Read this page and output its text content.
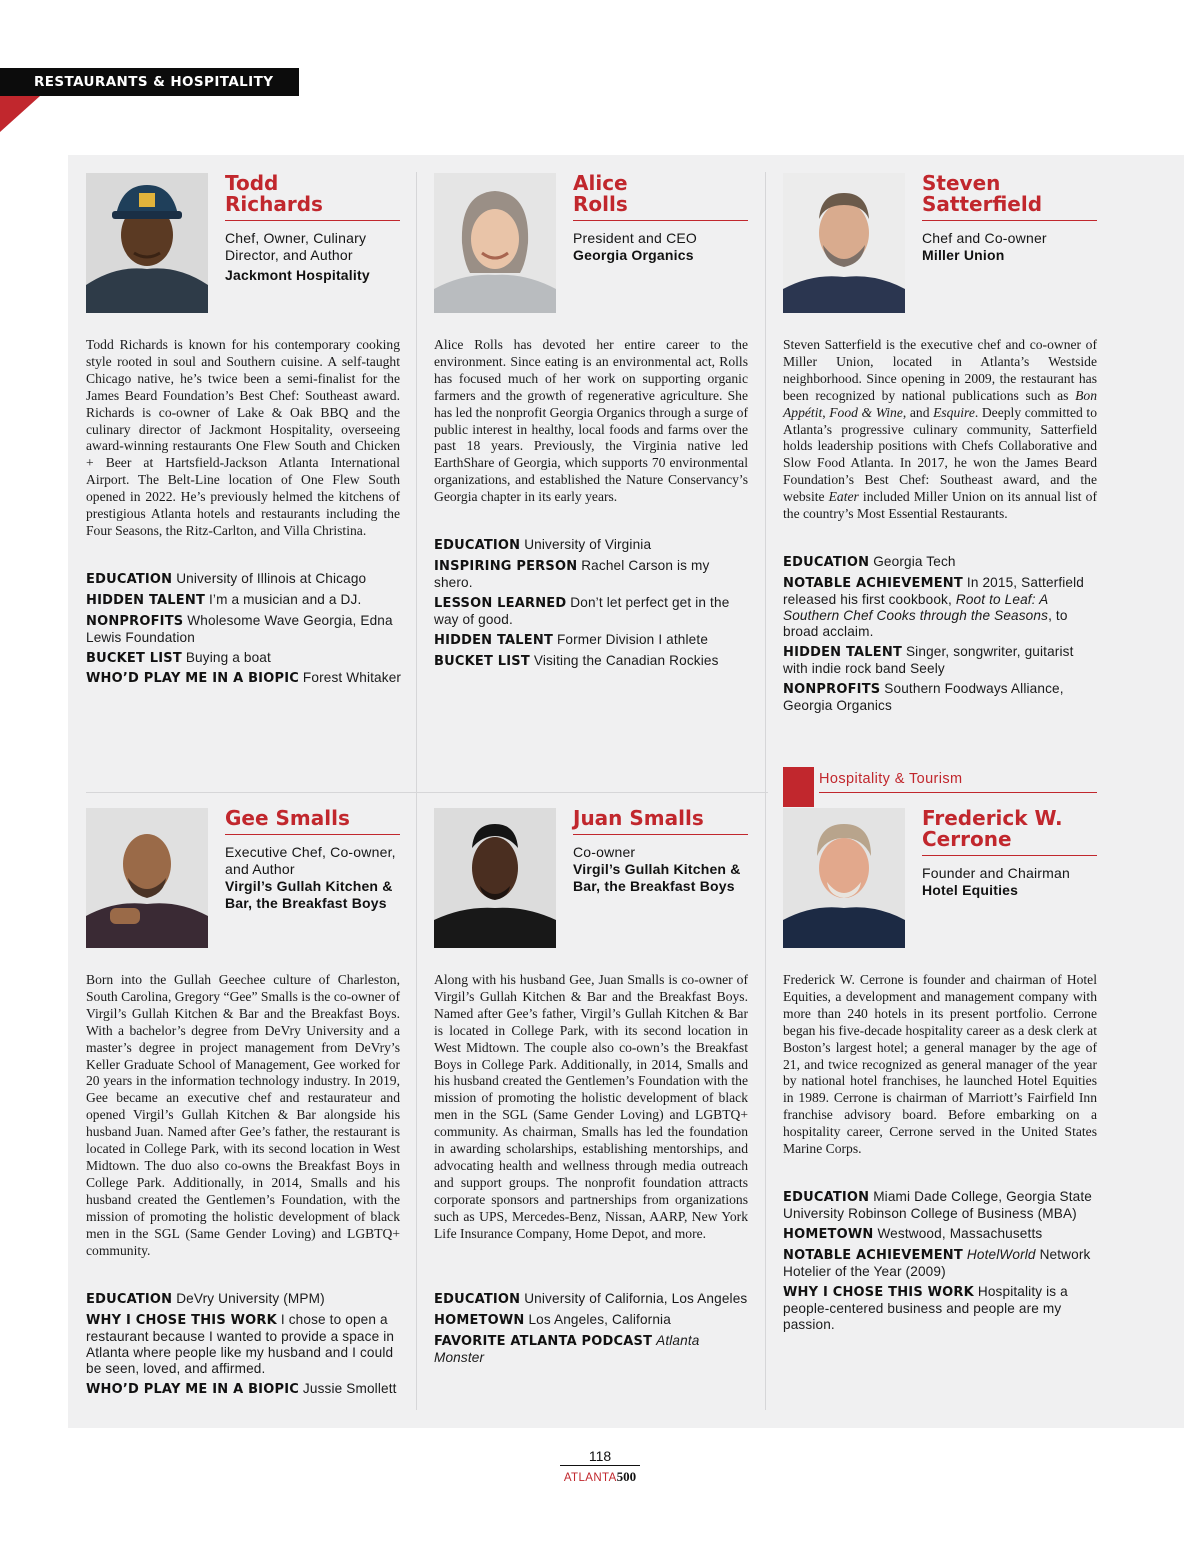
RESTAURANTS & HOSPITALITY
Hospitality & Tourism
Todd
Richards
Chef, Owner, Culinary Director, and Author
Jackmont Hospitality
Todd Richards is known for his contemporary cooking style rooted in soul and Southern cuisine. A self-taught Chicago native, he’s twice been a semi-finalist for the James Beard Foundation’s Best Chef: Southeast award. Richards is co-owner of Lake & Oak BBQ and the culinary director of Jackmont Hospitality, overseeing award-winning restaurants One Flew South and Chicken + Beer at Hartsfield-Jackson Atlanta International Airport. The Belt-Line location of One Flew South opened in 2022. He’s previously helmed the kitchens of prestigious Atlanta hotels and restaurants including the Four Seasons, the Ritz-Carlton, and Villa Christina.
EDUCATION University of Illinois at Chicago
HIDDEN TALENT I’m a musician and a DJ.
NONPROFITS Wholesome Wave Georgia, Edna Lewis Foundation
BUCKET LIST Buying a boat
WHO’D PLAY ME IN A BIOPIC Forest Whitaker
Alice
Rolls
President and CEO
Georgia Organics
Alice Rolls has devoted her entire career to the environment. Since eating is an environmental act, Rolls has focused much of her work on supporting organic farmers and the growth of regenerative agriculture. She has led the nonprofit Georgia Organics through a surge of public interest in healthy, local foods and farms over the past 18 years. Previously, the Virginia native led EarthShare of Georgia, which supports 70 environmental organizations, and established the Nature Conservancy’s Georgia chapter in its early years.
EDUCATION University of Virginia
INSPIRING PERSON Rachel Carson is my shero.
LESSON LEARNED Don’t let perfect get in the way of good.
HIDDEN TALENT Former Division I athlete
BUCKET LIST Visiting the Canadian Rockies
Steven
Satterfield
Chef and Co-owner
Miller Union
Steven Satterfield is the executive chef and co-owner of Miller Union, located in Atlanta’s Westside neighborhood. Since opening in 2009, the restaurant has been recognized by national publications such as Bon Appétit, Food & Wine, and Esquire. Deeply committed to Atlanta’s progressive culinary community, Satterfield holds leadership positions with Chefs Collaborative and Slow Food Atlanta. In 2017, he won the James Beard Foundation’s Best Chef: Southeast award, and the website Eater included Miller Union on its annual list of the country’s Most Essential Restaurants.
EDUCATION Georgia Tech
NOTABLE ACHIEVEMENT In 2015, Satterfield released his first cookbook, Root to Leaf: A Southern Chef Cooks through the Seasons, to broad acclaim.
HIDDEN TALENT Singer, songwriter, guitarist with indie rock band Seely
NONPROFITS Southern Foodways Alliance, Georgia Organics
Gee Smalls
Executive Chef, Co-owner, and Author
Virgil’s Gullah Kitchen & Bar, the Breakfast Boys
Born into the Gullah Geechee culture of Charleston, South Carolina, Gregory “Gee” Smalls is the co-owner of Virgil’s Gullah Kitchen & Bar and the Breakfast Boys. With a bachelor’s degree from DeVry University and a master’s degree in project management from DeVry’s Keller Graduate School of Management, Gee worked for 20 years in the information technology industry. In 2019, Gee became an executive chef and restaurateur and opened Virgil’s Gullah Kitchen & Bar alongside his husband Juan. Named after Gee’s father, the restaurant is located in College Park, with its second location in West Midtown. The duo also co-owns the Breakfast Boys in College Park. Additionally, in 2014, Smalls and his husband created the Gentlemen’s Foundation, with the mission of promoting the holistic development of black men in the SGL (Same Gender Loving) and LGBTQ+ community.
EDUCATION DeVry University (MPM)
WHY I CHOSE THIS WORK I chose to open a restaurant because I wanted to provide a space in Atlanta where people like my husband and I could be seen, loved, and affirmed.
WHO’D PLAY ME IN A BIOPIC Jussie Smollett
Juan Smalls
Co-owner
Virgil’s Gullah Kitchen & Bar, the Breakfast Boys
Along with his husband Gee, Juan Smalls is co-owner of Virgil’s Gullah Kitchen & Bar and the Breakfast Boys. Named after Gee’s father, Virgil’s Gullah Kitchen & Bar is located in College Park, with its second location in West Midtown. The couple also co-own’s the Breakfast Boys in College Park. Additionally, in 2014, Smalls and his husband created the Gentlemen’s Foundation with the mission of promoting the holistic development of black men in the SGL (Same Gender Loving) and LGBTQ+ community. As chairman, Smalls has led the foundation in awarding scholarships, establishing mentorships, and advocating health and wellness through media outreach and support groups. The nonprofit foundation attracts corporate sponsors and partnerships from organizations such as UPS, Mercedes-Benz, Nissan, AARP, New York Life Insurance Company, Home Depot, and more.
EDUCATION University of California, Los Angeles
HOMETOWN Los Angeles, California
FAVORITE ATLANTA PODCAST Atlanta Monster
Frederick W.
Cerrone
Founder and Chairman
Hotel Equities
Frederick W. Cerrone is founder and chairman of Hotel Equities, a development and management company with more than 240 hotels in its present portfolio. Cerrone began his five-decade hospitality career as a desk clerk at Boston’s largest hotel; a general manager by the age of 21, and twice recognized as general manager of the year by national hotel franchises, he launched Hotel Equities in 1989. Cerrone is chairman of Marriott’s Fairfield Inn franchise advisory board. Before embarking on a hospitality career, Cerrone served in the United States Marine Corps.
EDUCATION Miami Dade College, Georgia State University Robinson College of Business (MBA)
HOMETOWN Westwood, Massachusetts
NOTABLE ACHIEVEMENT HotelWorld Network Hotelier of the Year (2009)
WHY I CHOSE THIS WORK Hospitality is a people-centered business and people are my passion.
118
ATLANTA500
